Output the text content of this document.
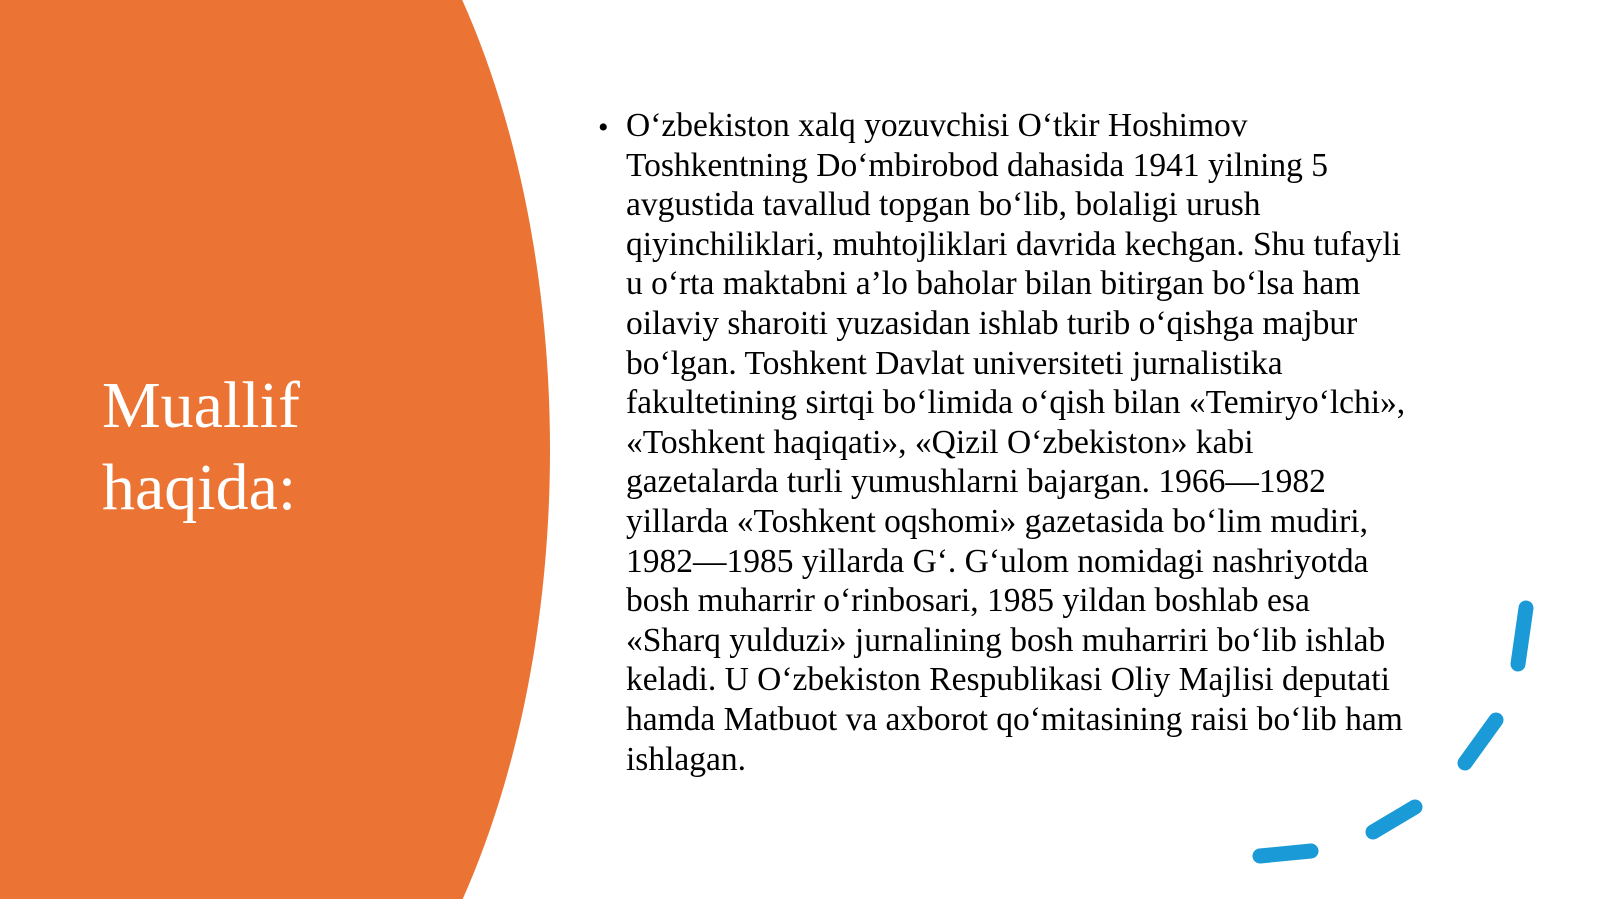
Muallif
haqida:
• O‘zbekiston xalq yozuvchisi O‘tkir Hoshimov
Toshkentning Do‘mbirobod dahasida 1941 yilning 5
avgustida tavallud topgan bo‘lib, bolaligi urush
qiyinchiliklari, muhtojliklari davrida kechgan. Shu tufayli
u o‘rta maktabni a’lo baholar bilan bitirgan bo‘lsa ham
oilaviy sharoiti yuzasidan ishlab turib o‘qishga majbur
bo‘lgan. Toshkent Davlat universiteti jurnalistika
fakultetining sirtqi bo‘limida o‘qish bilan «Temiryo‘lchi»,
«Toshkent haqiqati», «Qizil O‘zbekiston» kabi
gazetalarda turli yumushlarni bajargan. 1966—1982
yillarda «Toshkent oqshomi» gazetasida bo‘lim mudiri,
1982—1985 yillarda G‘. G‘ulom nomidagi nashriyotda
bosh muharrir o‘rinbosari, 1985 yildan boshlab esa
«Sharq yulduzi» jurnalining bosh muharriri bo‘lib ishlab
keladi. U O‘zbekiston Respublikasi Oliy Majlisi deputati
hamda Matbuot va axborot qo‘mitasining raisi bo‘lib ham
ishlagan.
